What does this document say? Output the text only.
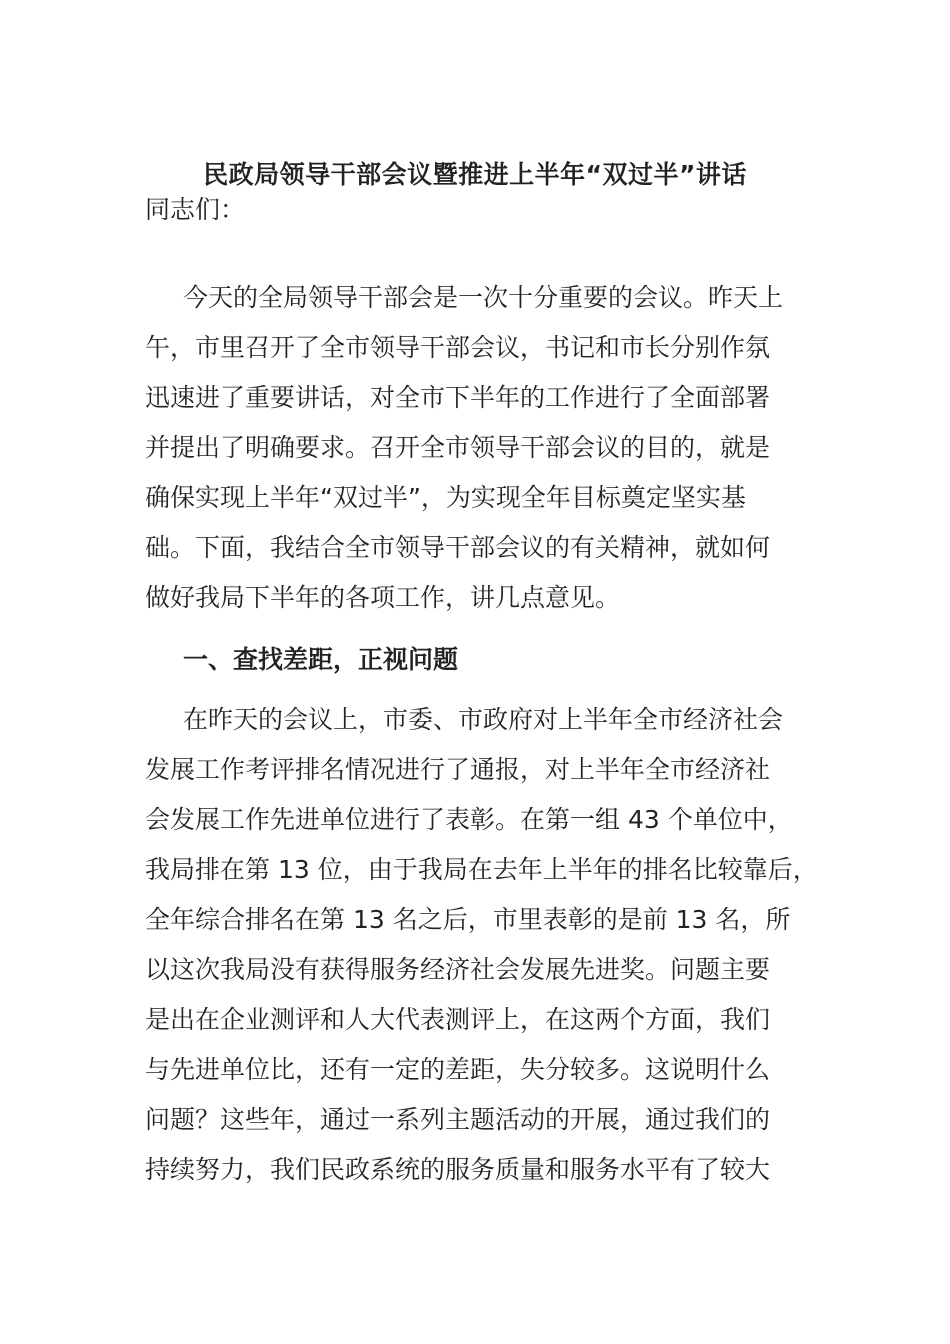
民政局领导干部会议暨推进上半年“双过半”讲话
同志们：
今天的全局领导干部会是一次十分重要的会议。昨天上
午，市里召开了全市领导干部会议，书记和市长分别作氛
迅速进了重要讲话，对全市下半年的工作进行了全面部署
并提出了明确要求。召开全市领导干部会议的目的，就是
确保实现上半年“双过半”，为实现全年目标奠定坚实基
础。下面，我结合全市领导干部会议的有关精神，就如何
做好我局下半年的各项工作，讲几点意见。
一、查找差距，正视问题
在昨天的会议上，市委、市政府对上半年全市经济社会
发展工作考评排名情况进行了通报，对上半年全市经济社
会发展工作先进单位进行了表彰。在第一组 43 个单位中，
我局排在第 13 位，由于我局在去年上半年的排名比较靠后，
全年综合排名在第 13 名之后，市里表彰的是前 13 名，所
以这次我局没有获得服务经济社会发展先进奖。问题主要
是出在企业测评和人大代表测评上，在这两个方面，我们
与先进单位比，还有一定的差距，失分较多。这说明什么
问题？这些年，通过一系列主题活动的开展，通过我们的
持续努力，我们民政系统的服务质量和服务水平有了较大
